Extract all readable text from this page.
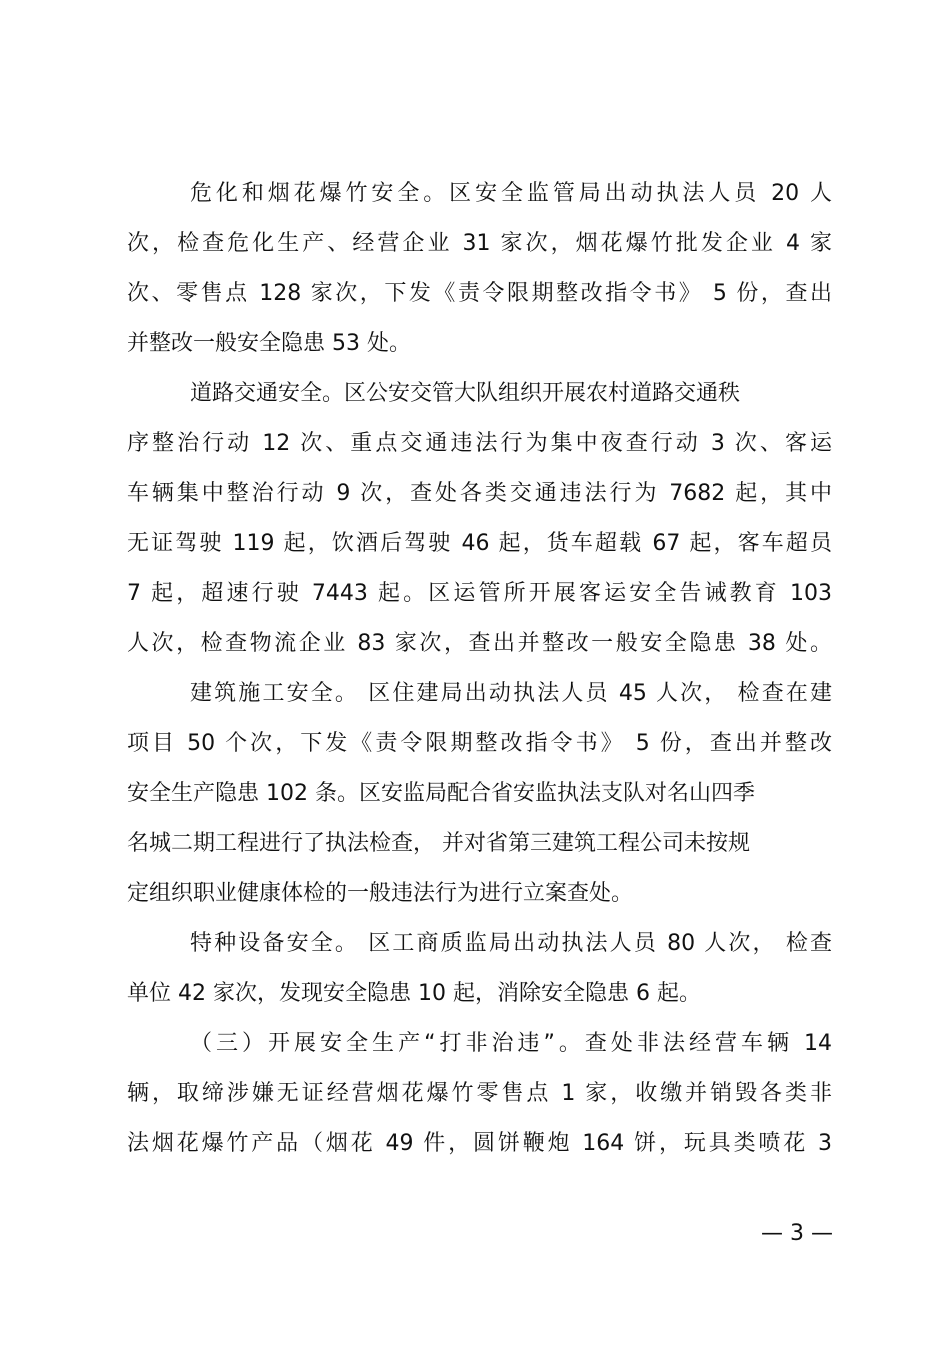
危化和烟花爆竹安全。区安全监管局出动执法人员 20 人
次，检查危化生产、经营企业 31 家次，烟花爆竹批发企业 4 家
次、零售点 128 家次，下发《责令限期整改指令书》 5 份，查出
并整改一般安全隐患 53 处。
道路交通安全。区公安交管大队组织开展农村道路交通秩
序整治行动 12 次、重点交通违法行为集中夜查行动 3 次、客运
车辆集中整治行动 9 次，查处各类交通违法行为 7682 起，其中
无证驾驶 119 起，饮酒后驾驶 46 起，货车超载 67 起，客车超员
7 起，超速行驶 7443 起。区运管所开展客运安全告诫教育 103
人次，检查物流企业 83 家次，查出并整改一般安全隐患 38 处。
建筑施工安全。 区住建局出动执法人员 45 人次， 检查在建
项目 50 个次，下发《责令限期整改指令书》 5 份，查出并整改
安全生产隐患 102 条。区安监局配合省安监执法支队对名山四季
名城二期工程进行了执法检查， 并对省第三建筑工程公司未按规
定组织职业健康体检的一般违法行为进行立案查处。
特种设备安全。 区工商质监局出动执法人员 80 人次， 检查
单位 42 家次，发现安全隐患 10 起，消除安全隐患 6 起。
（三）开展安全生产“打非治违”。查处非法经营车辆 14
辆，取缔涉嫌无证经营烟花爆竹零售点 1 家，收缴并销毁各类非
法烟花爆竹产品（烟花 49 件，圆饼鞭炮 164 饼，玩具类喷花 3
— 3 —
